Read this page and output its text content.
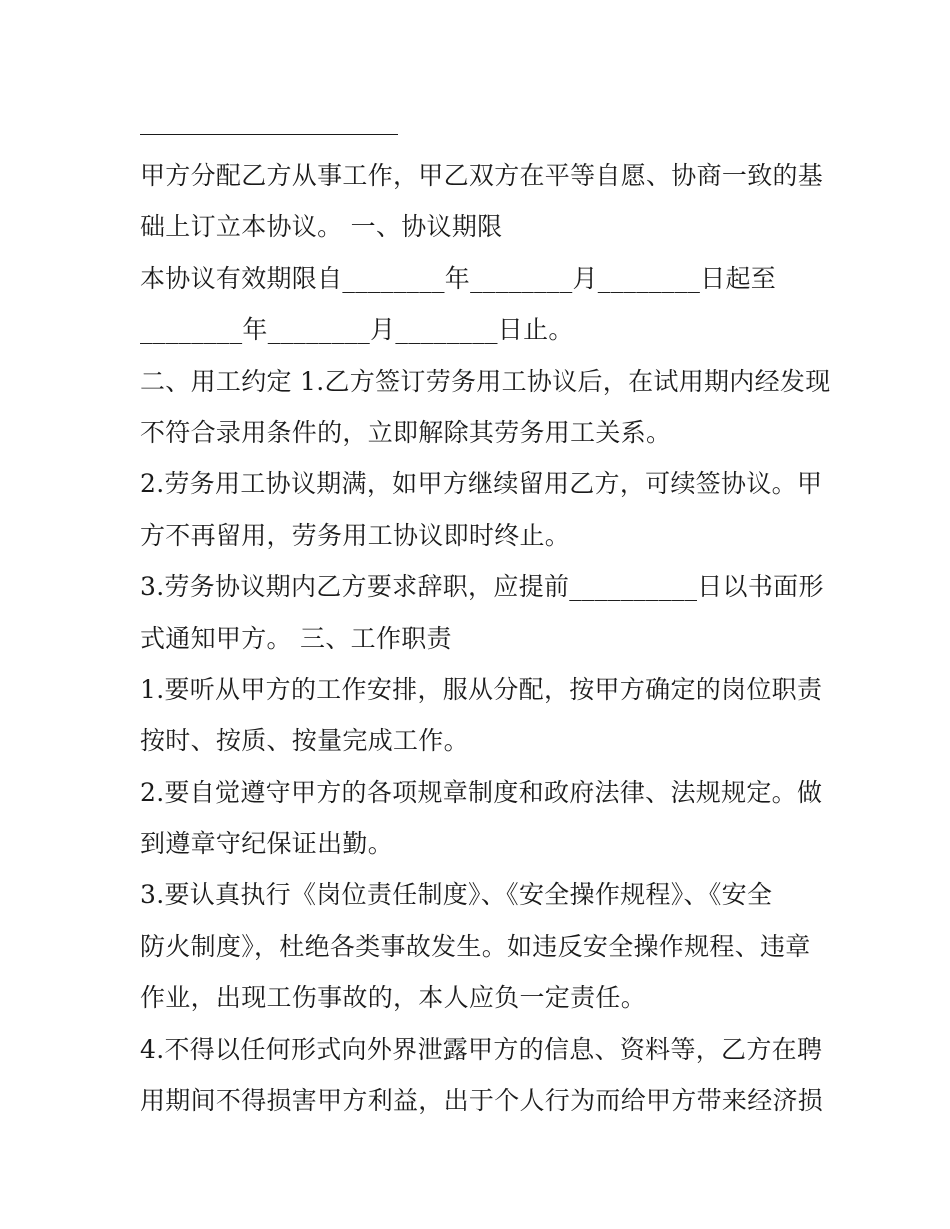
甲方分配乙方从事工作，甲乙双方在平等自愿、协商一致的基
础上订立本协议。 一、协议期限
本协议有效期限自________年________月________日起至
________年________月________日止。
二、用工约定 1.乙方签订劳务用工协议后，在试用期内经发现
不符合录用条件的，立即解除其劳务用工关系。
2.劳务用工协议期满，如甲方继续留用乙方，可续签协议。甲
方不再留用，劳务用工协议即时终止。
3.劳务协议期内乙方要求辞职，应提前__________日以书面形
式通知甲方。 三、工作职责
1.要听从甲方的工作安排，服从分配，按甲方确定的岗位职责
按时、按质、按量完成工作。
2.要自觉遵守甲方的各项规章制度和政府法律、法规规定。做
到遵章守纪保证出勤。
3.要认真执行《岗位责任制度》、《安全操作规程》、《安全
防火制度》，杜绝各类事故发生。如违反安全操作规程、违章
作业，出现工伤事故的，本人应负一定责任。
4.不得以任何形式向外界泄露甲方的信息、资料等，乙方在聘
用期间不得损害甲方利益，出于个人行为而给甲方带来经济损
